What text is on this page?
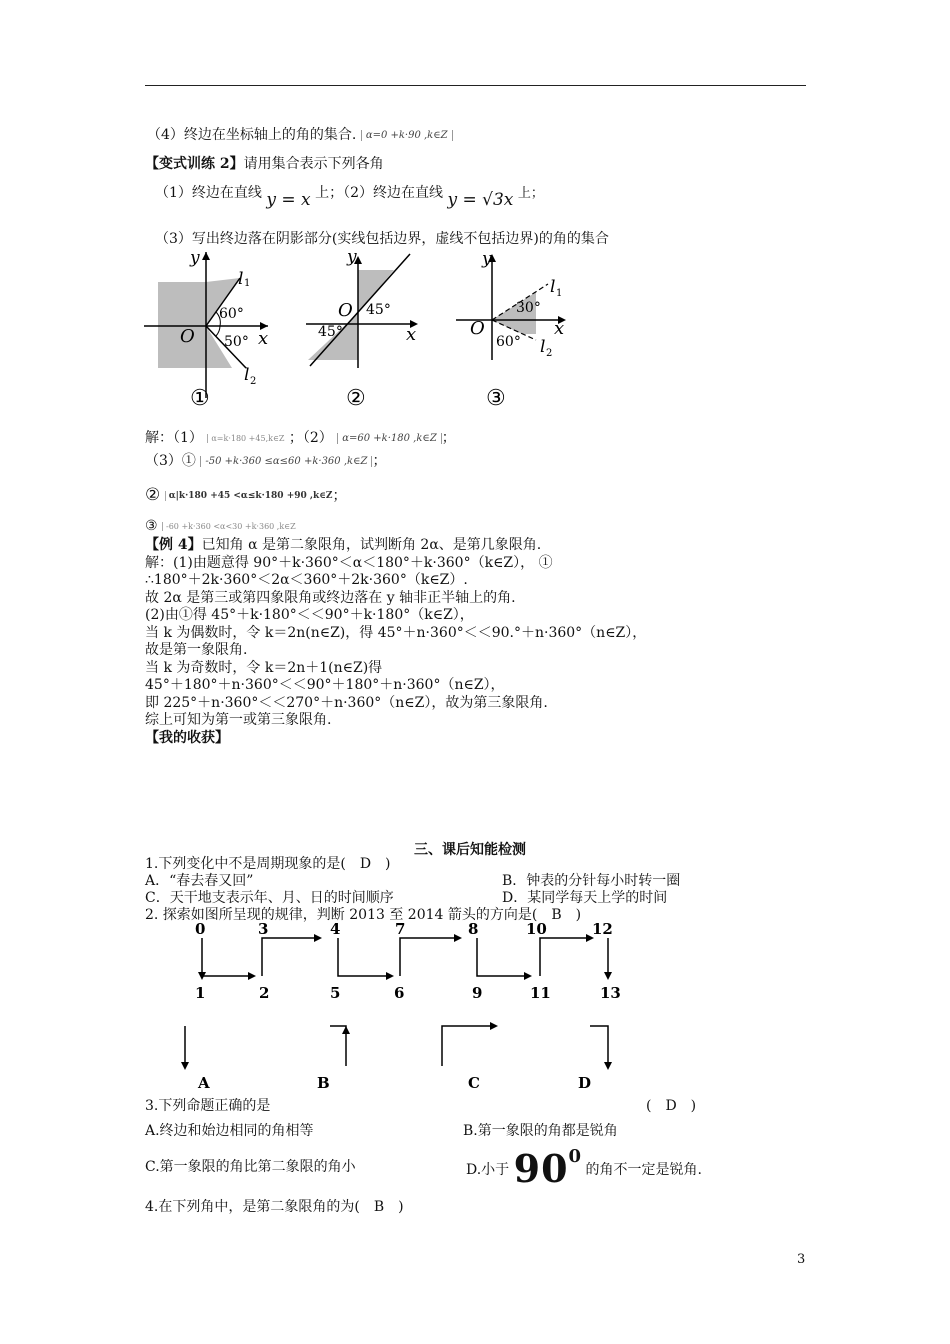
（4）终边在坐标轴上的角的集合. α=0 +k·90 ,k∈Z
【变式训练 2】请用集合表示下列各角
（1）终边在直线 y = x 上；（2）终边在直线 y = √3x 上；
（3）写出终边落在阴影部分(实线包括边界，虚线不包括边界)的角的集合
y
x
O
l 1
l 2
60°
50°
①
y
x
O 45°
45°
②
y
x
O
l 1
l 2
30°
60°
③
解：（1） α=k·180 +45,k∈Z ；（2） α=60 +k·180 ,k∈Z ；
（3）① -50 +k·360 ≤α≤60 +k·360 ,k∈Z ；
② α|k·180 +45 <α≤k·180 +90 ,k∈Z；
③ -60 +k·360 <α<30 +k·360 ,k∈Z
【例 4】已知角 α 是第二象限角，试判断角 2α、是第几象限角.
解：(1)由题意得 90°＋k·360°＜α＜180°＋k·360°（k∈Z）， ①
∴180°＋2k·360°＜2α＜360°＋2k·360°（k∈Z）.
故 2α 是第三或第四象限角或终边落在 y 轴非正半轴上的角.
(2)由①得 45°＋k·180°＜＜90°＋k·180°（k∈Z），
当 k 为偶数时，令 k＝2n(n∈Z)，得 45°＋n·360°＜＜90.°＋n·360°（n∈Z），
故是第一象限角.
当 k 为奇数时，令 k＝2n＋1(n∈Z)得
45°＋180°＋n·360°＜＜90°＋180°＋n·360°（n∈Z），
即 225°＋n·360°＜＜270°＋n·360°（n∈Z），故为第三象限角.
综上可知为第一或第三象限角.
【我的收获】
三、课后知能检测
1.下列变化中不是周期现象的是(　D　)
A．“春去春又回”	B．钟表的分针每小时转一圈
C．天干地支表示年、月、日的时间顺序	D．某同学每天上学的时间
2. 探索如图所呈现的规律，判断 2013 至 2014 箭头的方向是(　B　)
0	3	4	7	8	10	12
1	2	5	6	9	11	13
A	B	C	D
3.下列命题正确的是	(　D　)
A.终边和始边相同的角相等	B.第一象限的角都是锐角
C.第一象限的角比第二象限的角小	D.小于 $90^0$ 的角不一定是锐角.
4.在下列角中，是第二象限角的为(　B　)
3
